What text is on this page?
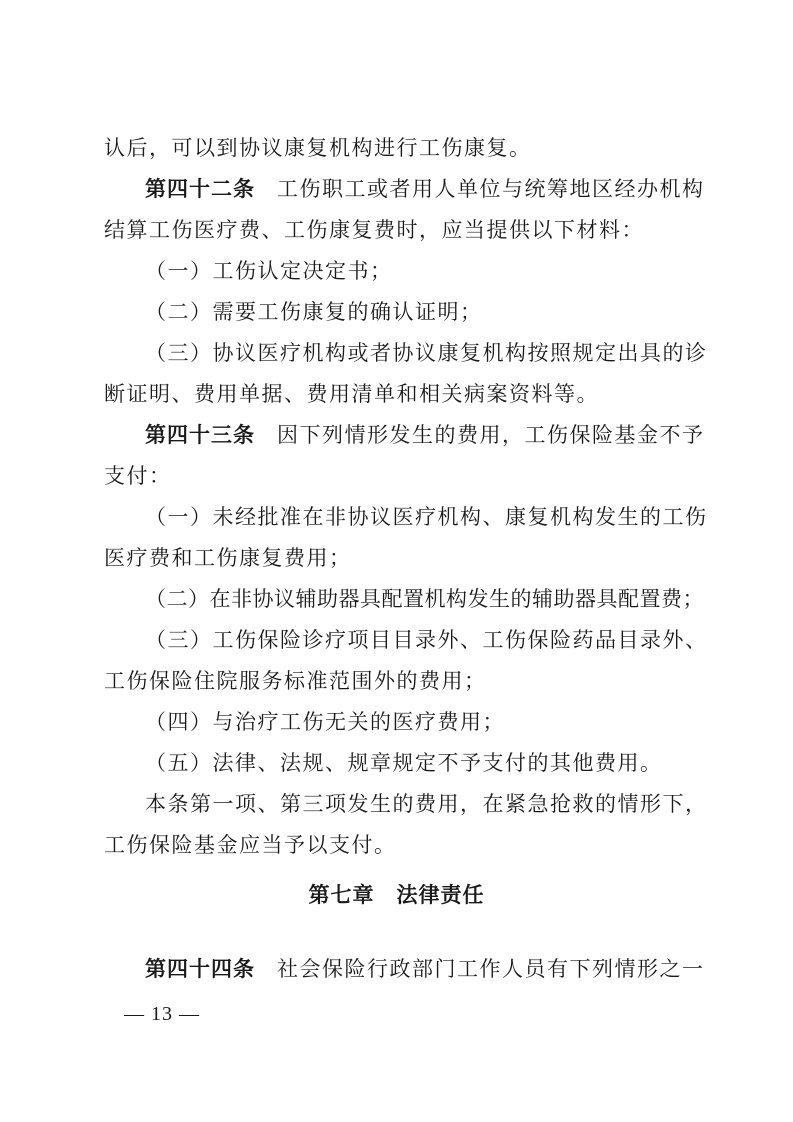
认后，可以到协议康复机构进行工伤康复。
第四十二条 工伤职工或者用人单位与统筹地区经办机构
结算工伤医疗费、工伤康复费时，应当提供以下材料：
（一）工伤认定决定书；
（二）需要工伤康复的确认证明；
（三）协议医疗机构或者协议康复机构按照规定出具的诊
断证明、费用单据、费用清单和相关病案资料等。
第四十三条 因下列情形发生的费用，工伤保险基金不予
支付：
（一）未经批准在非协议医疗机构、康复机构发生的工伤
医疗费和工伤康复费用；
（二）在非协议辅助器具配置机构发生的辅助器具配置费；
（三）工伤保险诊疗项目目录外、工伤保险药品目录外、
工伤保险住院服务标准范围外的费用；
（四）与治疗工伤无关的医疗费用；
（五）法律、法规、规章规定不予支付的其他费用。
本条第一项、第三项发生的费用，在紧急抢救的情形下，
工伤保险基金应当予以支付。
第七章　法律责任
第四十四条 社会保险行政部门工作人员有下列情形之一
— 13 —
